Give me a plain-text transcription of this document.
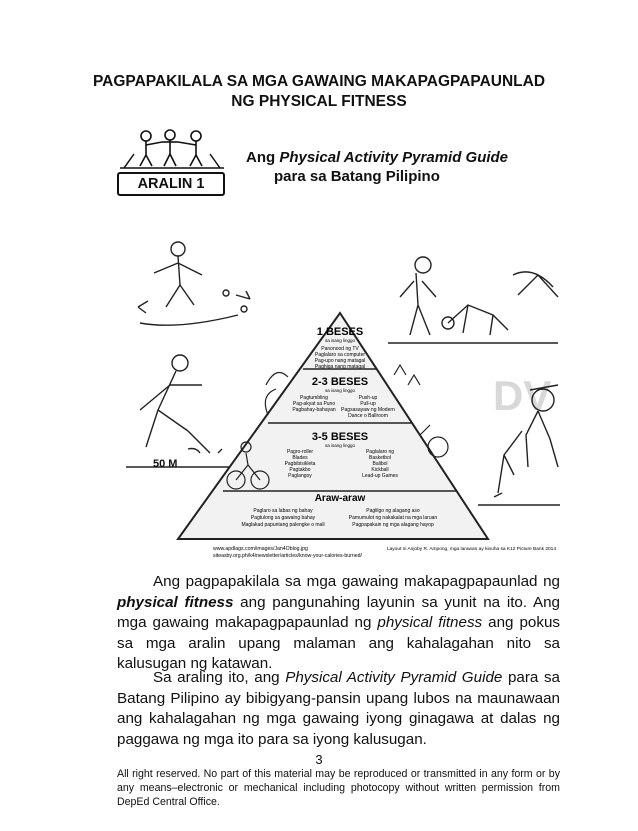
PAGPAPAKILALA SA MGA GAWAING MAKAPAGPAPAUNLAD
NG PHYSICAL FITNESS
ARALIN 1
Ang Physical Activity Pyramid Guide
para sa Batang Pilipino
DV
50 M
1 BESES
sa isang linggo
Panonood ng TV
Paglalaro sa computer
Pag-upo nang matagal
Paghiga nang matagal
2-3 BESES
sa isang linggo
Pagtumbling
Pag-akyat sa Puno
Pagbahay-bahayan
Push-up
Pull-up
Pagsasayaw ng Modern
Dance o Ballroom
3-5 BESES
sa isang linggo
Pagro-roller
Blades
Pagbibisikleta
Pagtakbo
Paglangoy
Paglalaro ng
Basketbol
Balibol
Kickball
Lead-up Games
Araw-araw
Paglaro sa labas ng bahay
Pagtulong sa gawaing bahay
Maglakad papuntang palengke o mall
Paglilgo ng alagang aso
Pamumulot ng nakakalat na mga laruan
Pagpapakain ng mga alagang hayop
www.apdlags.com/images/Jan4Oblog.jpg
siteasby.org.ph/k4/newsletter/articles/know-your-calories-burned/
Layout ni Anjoby R. Ampong, mga larawan ay kinuha sa K12 Picture Bank 2014
Ang pagpapakilala sa mga gawaing makapagpapaunlad ng physical fitness ang pangunahing layunin sa yunit na ito. Ang mga gawaing makapagpapaunlad ng physical fitness ang pokus sa mga aralin upang malaman ang kahalagahan nito sa kalusugan ng katawan.
Sa araling ito, ang Physical Activity Pyramid Guide para sa Batang Pilipino ay bibigyang-pansin upang lubos na maunawaan ang kahalagahan ng mga gawaing iyong ginagawa at dalas ng paggawa ng mga ito para sa iyong kalusugan.
3
All right reserved. No part of this material may be reproduced or transmitted in any form or by any means–electronic or mechanical including photocopy without written permission from DepEd Central Office.
